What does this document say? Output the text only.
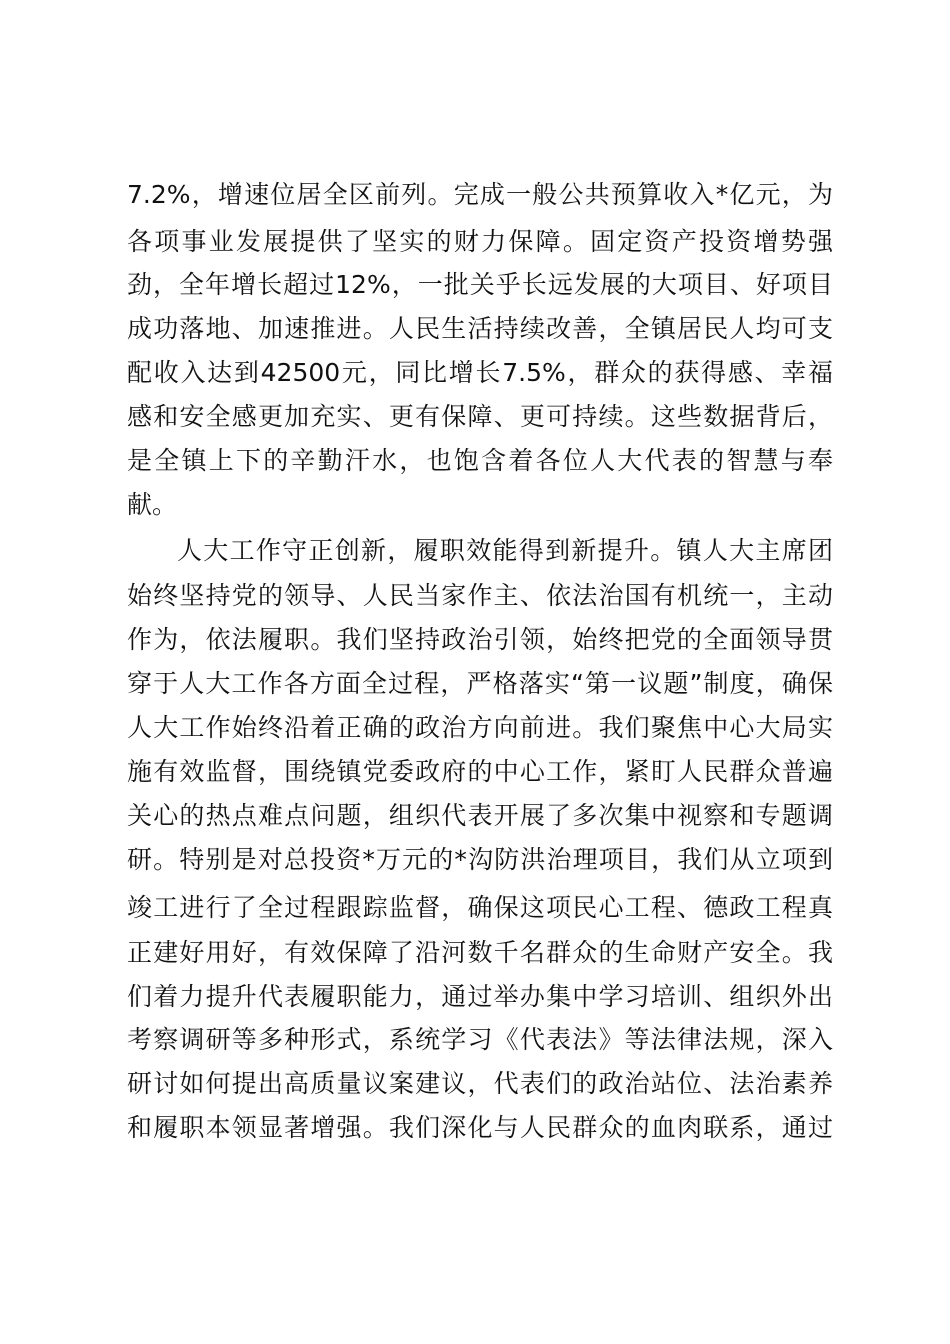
7.2%，增速位居全区前列。完成一般公共预算收入*亿元，为
各项事业发展提供了坚实的财力保障。固定资产投资增势强
劲，全年增长超过12%，一批关乎长远发展的大项目、好项目
成功落地、加速推进。人民生活持续改善，全镇居民人均可支
配收入达到42500元，同比增长7.5%，群众的获得感、幸福
感和安全感更加充实、更有保障、更可持续。这些数据背后，
是全镇上下的辛勤汗水，也饱含着各位人大代表的智慧与奉
献。
人大工作守正创新，履职效能得到新提升。镇人大主席团
始终坚持党的领导、人民当家作主、依法治国有机统一，主动
作为，依法履职。我们坚持政治引领，始终把党的全面领导贯
穿于人大工作各方面全过程，严格落实“第一议题”制度，确保
人大工作始终沿着正确的政治方向前进。我们聚焦中心大局实
施有效监督，围绕镇党委政府的中心工作，紧盯人民群众普遍
关心的热点难点问题，组织代表开展了多次集中视察和专题调
研。特别是对总投资*万元的*沟防洪治理项目，我们从立项到
竣工进行了全过程跟踪监督，确保这项民心工程、德政工程真
正建好用好，有效保障了沿河数千名群众的生命财产安全。我
们着力提升代表履职能力，通过举办集中学习培训、组织外出
考察调研等多种形式，系统学习《代表法》等法律法规，深入
研讨如何提出高质量议案建议，代表们的政治站位、法治素养
和履职本领显著增强。我们深化与人民群众的血肉联系，通过
